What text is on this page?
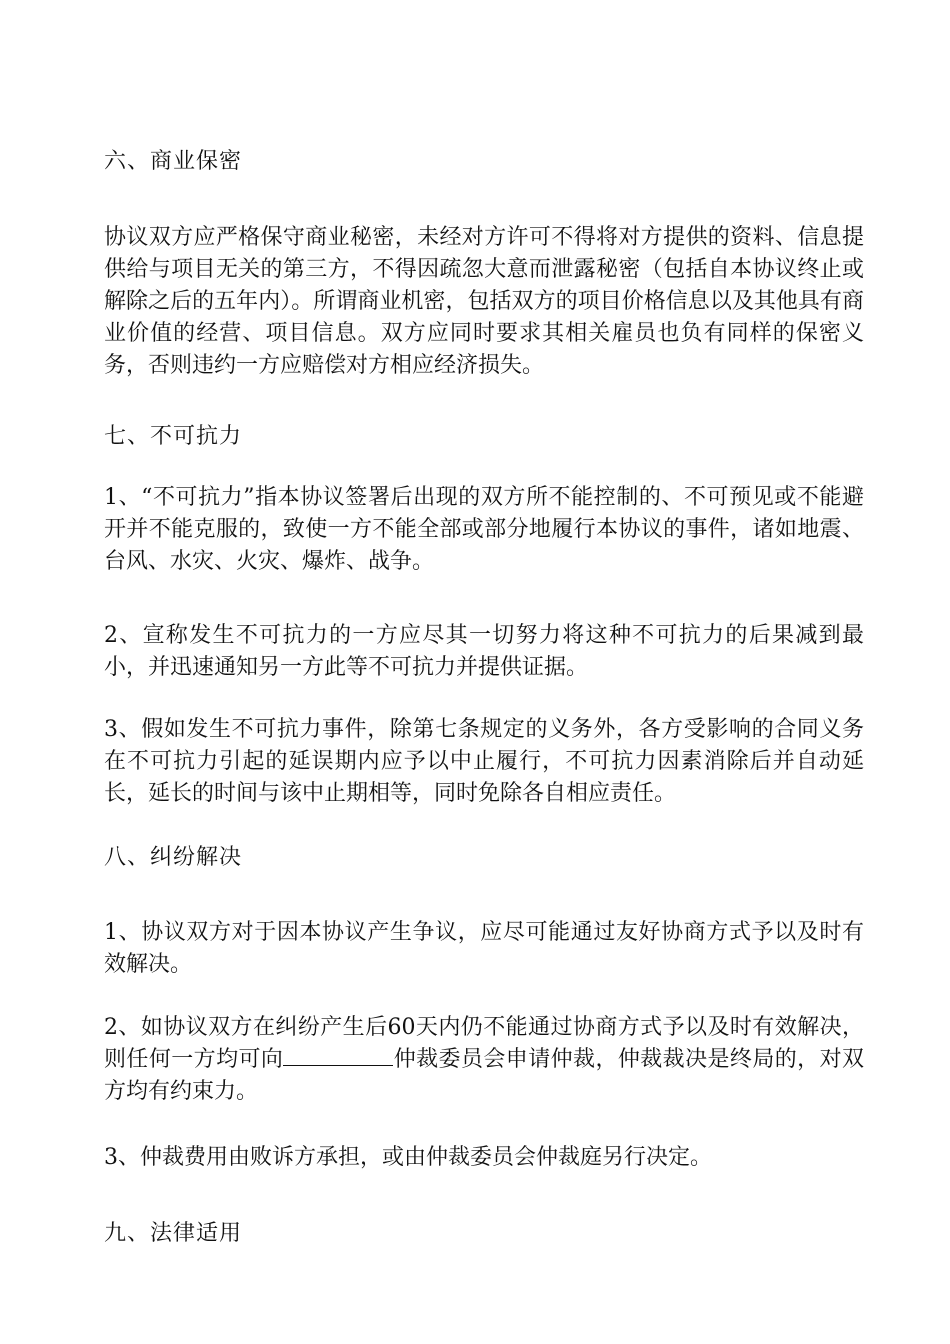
六、商业保密

协议双方应严格保守商业秘密，未经对方许可不得将对方提供的资料、信息提供给与项目无关的第三方，不得因疏忽大意而泄露秘密（包括自本协议终止或解除之后的五年内）。所谓商业机密，包括双方的项目价格信息以及其他具有商业价值的经营、项目信息。双方应同时要求其相关雇员也负有同样的保密义务，否则违约一方应赔偿对方相应经济损失。

七、不可抗力

1、“不可抗力”指本协议签署后出现的双方所不能控制的、不可预见或不能避开并不能克服的，致使一方不能全部或部分地履行本协议的事件，诸如地震、台风、水灾、火灾、爆炸、战争。

2、宣称发生不可抗力的一方应尽其一切努力将这种不可抗力的后果减到最小，并迅速通知另一方此等不可抗力并提供证据。

3、假如发生不可抗力事件，除第七条规定的义务外，各方受影响的合同义务在不可抗力引起的延误期内应予以中止履行，不可抗力因素消除后并自动延长，延长的时间与该中止期相等，同时免除各自相应责任。

八、纠纷解决

1、协议双方对于因本协议产生争议，应尽可能通过友好协商方式予以及时有效解决。

2、如协议双方在纠纷产生后60天内仍不能通过协商方式予以及时有效解决，则任何一方均可向	仲裁委员会申请仲裁，仲裁裁决是终局的，对双方均有约束力。

3、仲裁费用由败诉方承担，或由仲裁委员会仲裁庭另行决定。

九、法律适用
